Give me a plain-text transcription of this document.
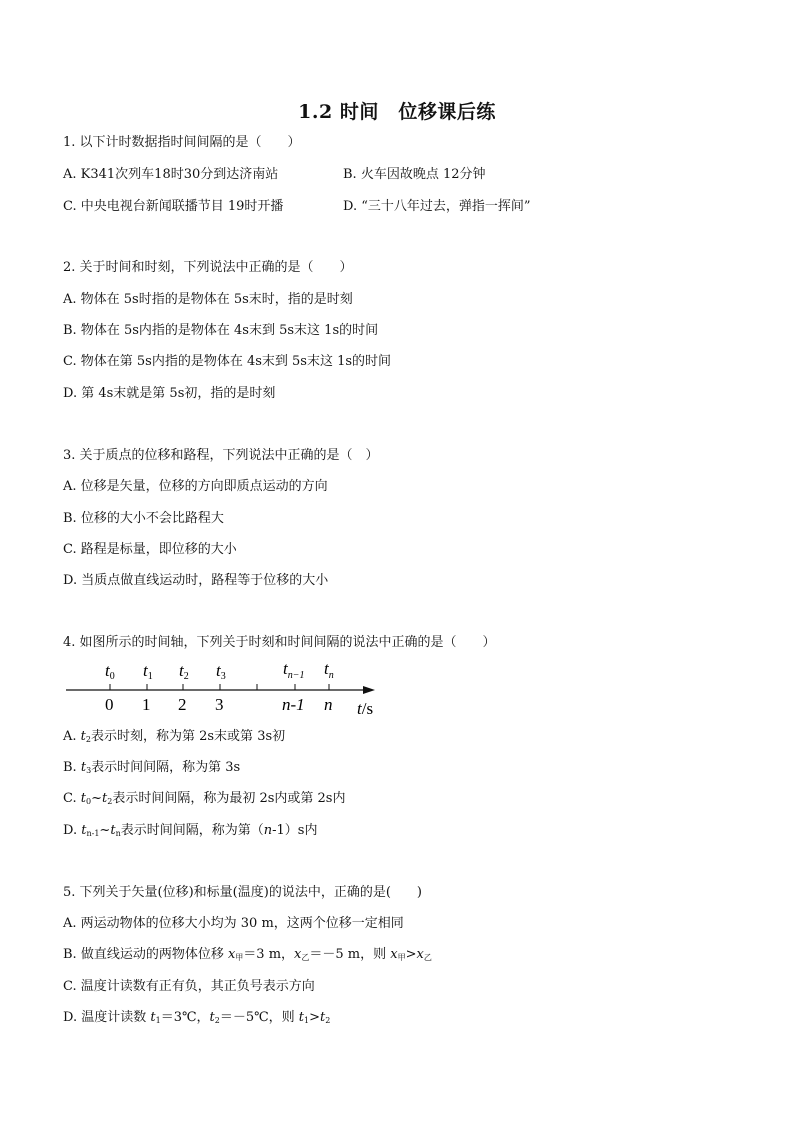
1.2 时间　位移课后练
1. 以下计时数据指时间间隔的是（　　）
A. K341次列车18时30分到达济南站	B. 火车因故晚点 12分钟
C. 中央电视台新闻联播节目 19时开播	D. “三十八年过去，弹指一挥间”
2. 关于时间和时刻，下列说法中正确的是（　　）
A. 物体在 5s时指的是物体在 5s末时，指的是时刻
B. 物体在 5s内指的是物体在 4s末到 5s末这 1s的时间
C. 物体在第 5s内指的是物体在 4s末到 5s末这 1s的时间
D. 第 4s末就是第 5s初，指的是时刻
3. 关于质点的位移和路程，下列说法中正确的是（　）
A. 位移是矢量，位移的方向即质点运动的方向
B. 位移的大小不会比路程大
C. 路程是标量，即位移的大小
D. 当质点做直线运动时，路程等于位移的大小
4. 如图所示的时间轴，下列关于时刻和时间间隔的说法中正确的是（　　）
t0 t1 t2 t3	$t_{n-1}$ $t_n$
0 1 2 3	n-1 n t/s
A. $t_2$表示时刻，称为第 2s末或第 3s初
B. $t_3$表示时间间隔，称为第 3s
C. $t_0\sim t_2$表示时间间隔，称为最初 2s内或第 2s内
D. $t_{n-1}\sim t_n$表示时间间隔，称为第（n-1）s内
5. 下列关于矢量(位移)和标量(温度)的说法中，正确的是(　　)
A. 两运动物体的位移大小均为 30 m，这两个位移一定相同
B. 做直线运动的两物体位移 $x_甲=3$ m，$x_乙=-5$ m，则 $x_甲>x_乙$
C. 温度计读数有正有负，其正负号表示方向
D. 温度计读数 $t_1=3℃$，$t_2=-5℃$，则 $t_1>t_2$
